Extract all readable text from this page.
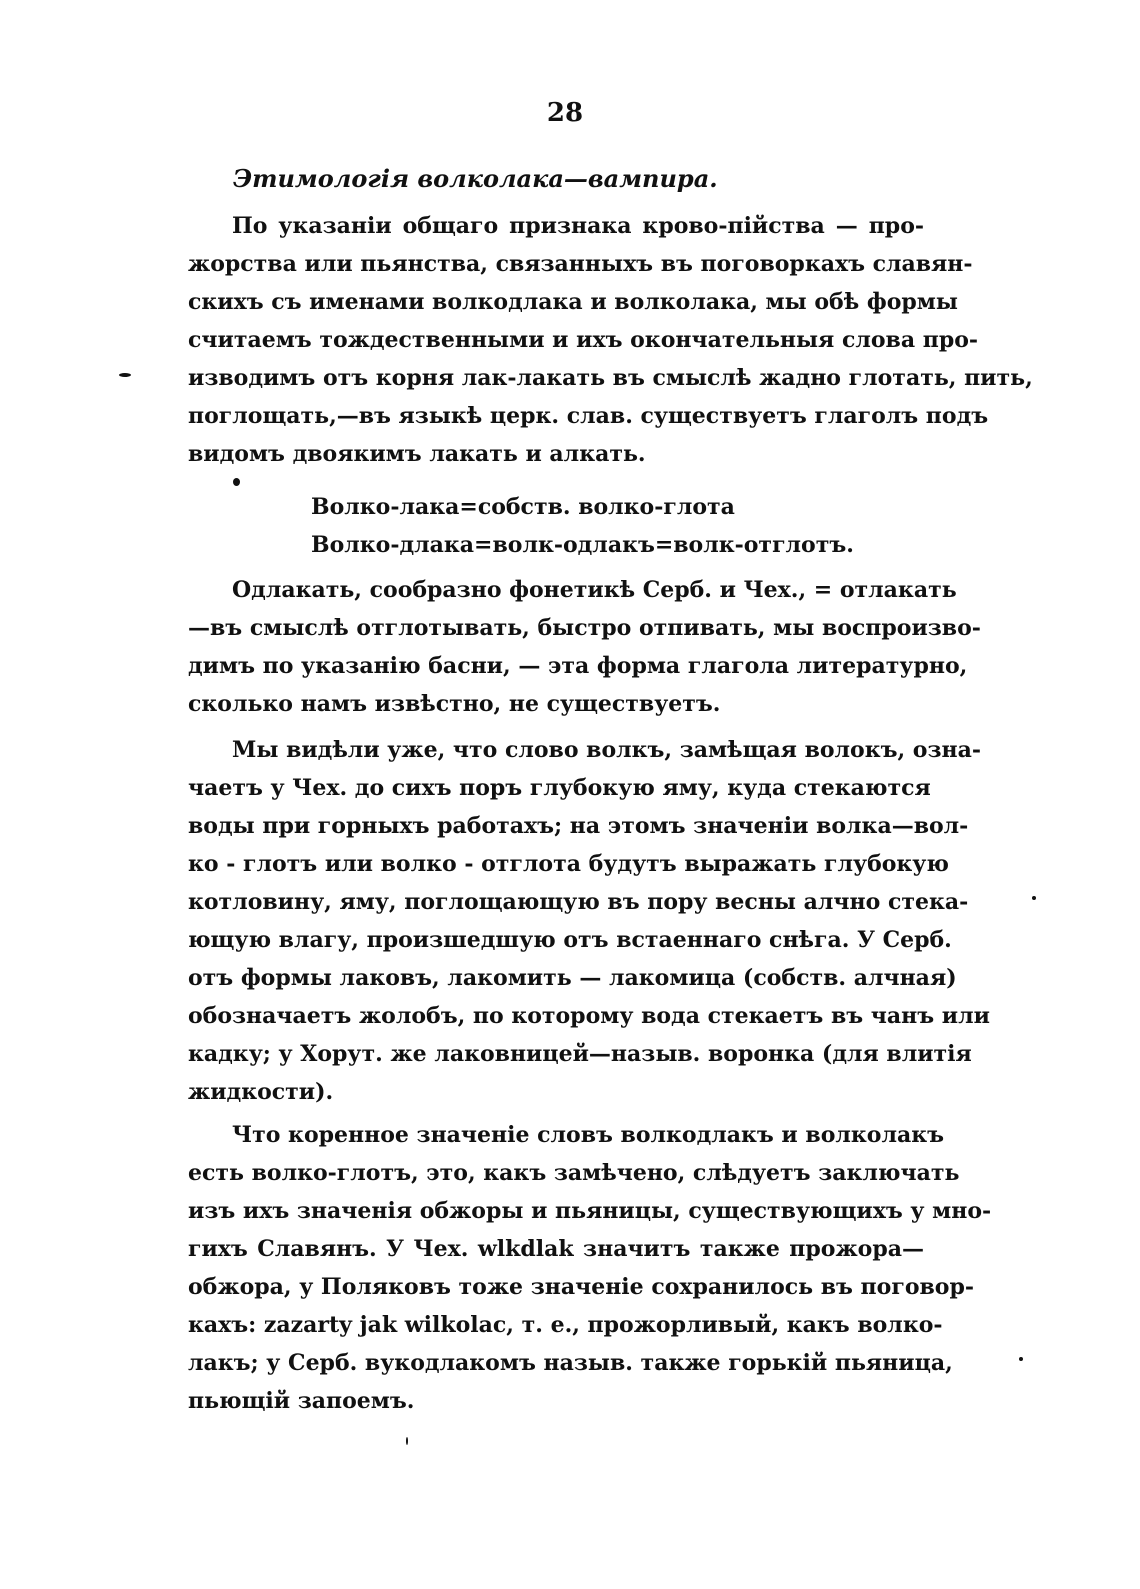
28
Этимологія волколака—вампира.
По указаніи общаго признака крово-пійства — про-
жорства или пьянства, связанныхъ въ поговоркахъ славян-
скихъ съ именами волкодлака и волколака, мы обѣ формы
считаемъ тождественными и ихъ окончательныя слова про-
изводимъ отъ корня лак-лакать въ смыслѣ жадно глотать, пить,
поглощать,—въ языкѣ церк. слав. существуетъ глаголъ подъ
видомъ двоякимъ лакать и алкать.
Волко-лака=собств. волко-глота
Волко-длака=волк-одлакъ=волк-отглотъ.
Одлакать, сообразно фонетикѣ Серб. и Чех., = отлакать
—въ смыслѣ отглотывать, быстро отпивать, мы воспроизво-
димъ по указанію басни, — эта форма глагола литературно,
сколько намъ извѣстно, не существуетъ.
Мы видѣли уже, что слово волкъ, замѣщая волокъ, озна-
чаетъ у Чех. до сихъ поръ глубокую яму, куда стекаются
воды при горныхъ работахъ; на этомъ значеніи волка—вол-
ко - глотъ или волко - отглота будутъ выражать глубокую
котловину, яму, поглощающую въ пору весны алчно стека-
ющую влагу, произшедшую отъ встаеннаго снѣга. У Серб.
отъ формы лаковъ, лакомить — лакомица (собств. алчная)
обозначаетъ жолобъ, по которому вода стекаетъ въ чанъ или
кадку; у Хорут. же лаковницей—назыв. воронка (для влитія
жидкости).
Что коренное значеніе словъ волкодлакъ и волколакъ
есть волко-глотъ, это, какъ замѣчено, слѣдуетъ заключать
изъ ихъ значенія обжоры и пьяницы, существующихъ у мно-
гихъ Славянъ. У Чех. wlkdlak значитъ также прожора—
обжора, у Поляковъ тоже значеніе сохранилось въ поговор-
кахъ: zazarty jak wilkolac, т. е., прожорливый, какъ волко-
лакъ; у Серб. вукодлакомъ назыв. также горькій пьяница,
пьющій запоемъ.
